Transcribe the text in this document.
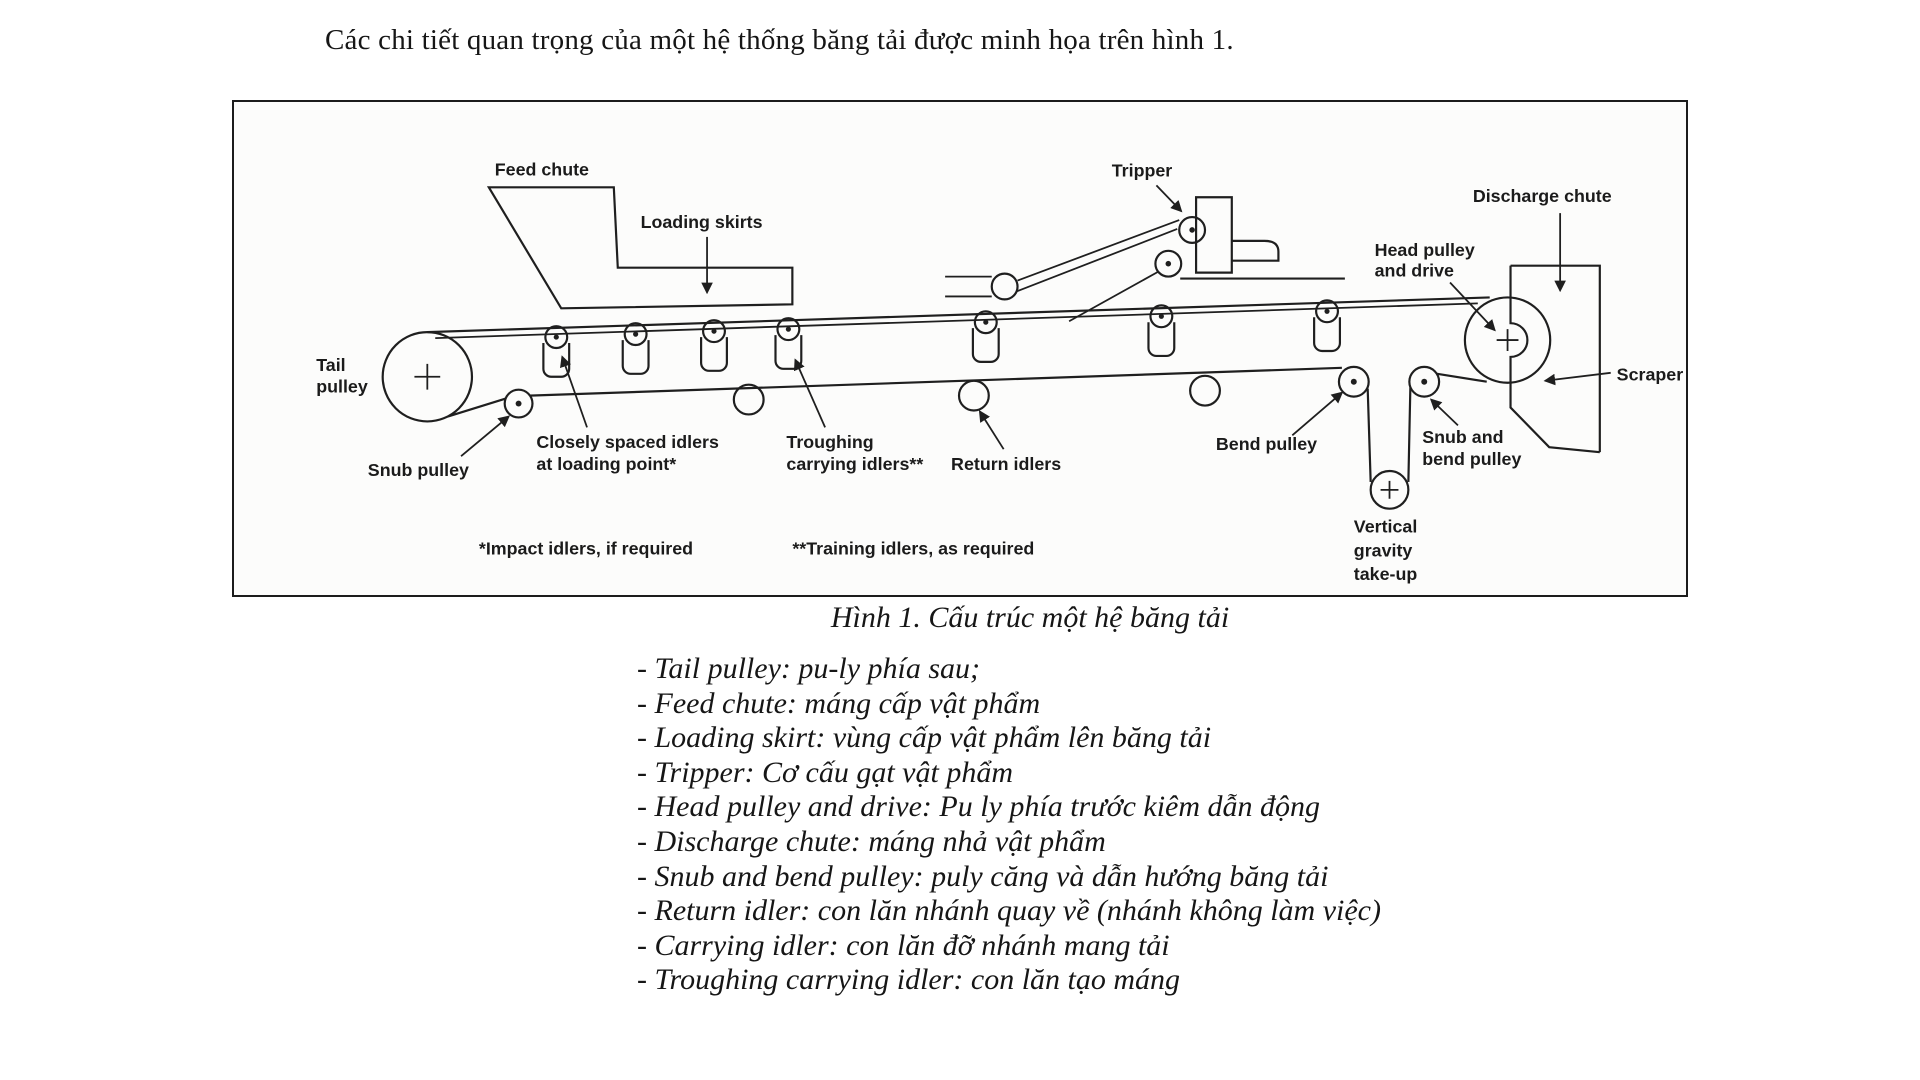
Các chi tiết quan trọng của một hệ thống băng tải được minh họa trên hình 1.
Feed chute
Loading skirts
Tripper
Discharge chute
Head pulley
and drive
Tail
pulley
Snub pulley
Closely spaced idlers
at loading point*
Troughing
carrying idlers** Return idlers
Bend pulley	Snub and
bend pulley
Scraper
Vertical
gravity
take-up
*Impact idlers, if required	**Training idlers, as required
Hình 1. Cấu trúc một hệ băng tải
- Tail pulley: pu-ly phía sau;
- Feed chute: máng cấp vật phẩm
- Loading skirt: vùng cấp vật phẩm lên băng tải
- Tripper: Cơ cấu gạt vật phẩm
- Head pulley and drive: Pu ly phía trước kiêm dẫn động
- Discharge chute: máng nhả vật phẩm
- Snub and bend pulley: puly căng và dẫn hướng băng tải
- Return idler: con lăn nhánh quay về (nhánh không làm việc)
- Carrying idler: con lăn đỡ nhánh mang tải
- Troughing carrying idler: con lăn tạo máng
